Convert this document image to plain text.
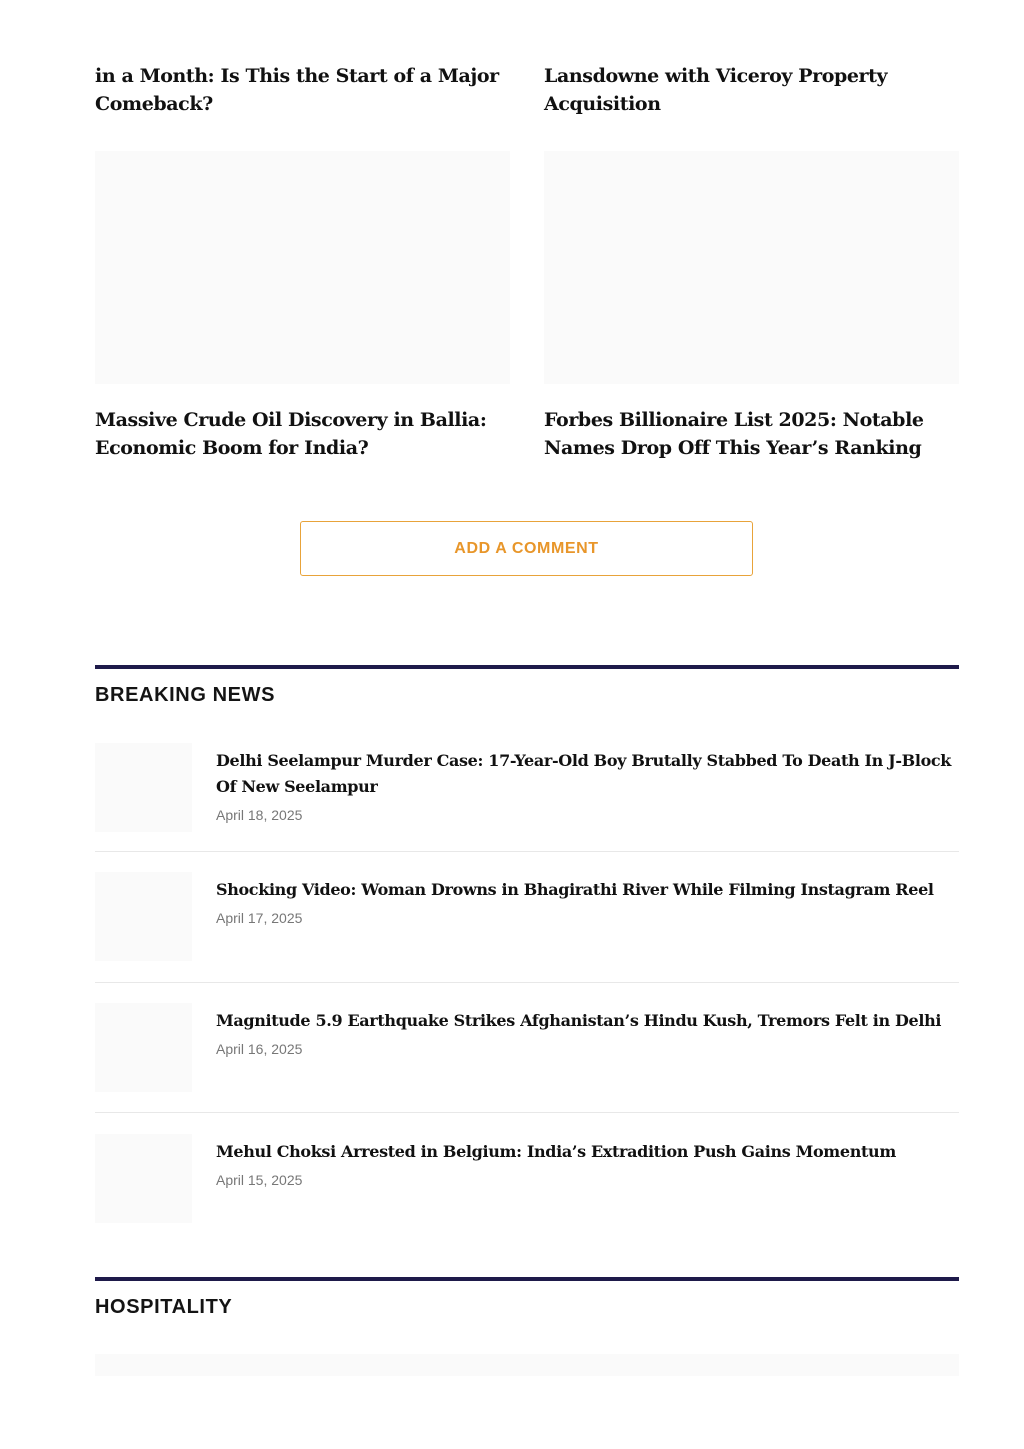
in a Month: Is This the Start of a Major Comeback?
Massive Crude Oil Discovery in Ballia: Economic Boom for India?
Lansdowne with Viceroy Property Acquisition
Forbes Billionaire List 2025: Notable Names Drop Off This Year’s Ranking
ADD A COMMENT
BREAKING NEWS
Delhi Seelampur Murder Case: 17-Year-Old Boy Brutally Stabbed To Death In J-Block Of New Seelampur
April 18, 2025
Shocking Video: Woman Drowns in Bhagirathi River While Filming Instagram Reel
April 17, 2025
Magnitude 5.9 Earthquake Strikes Afghanistan’s Hindu Kush, Tremors Felt in Delhi
April 16, 2025
Mehul Choksi Arrested in Belgium: India’s Extradition Push Gains Momentum
April 15, 2025
HOSPITALITY
